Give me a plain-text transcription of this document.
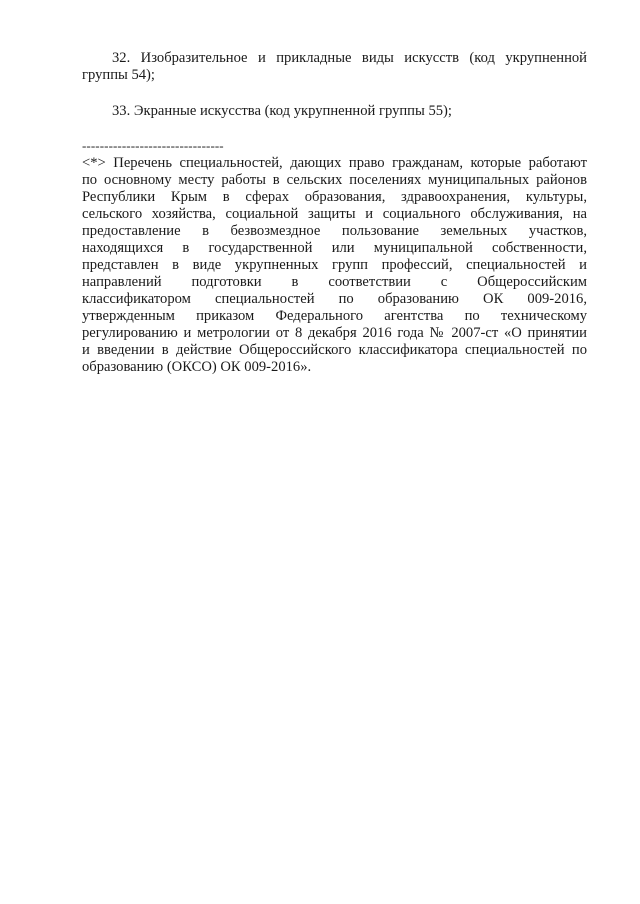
32. Изобразительное и прикладные виды искусств (код укрупненной группы 54);

33. Экранные искусства (код укрупненной группы 55);

--------------------------------

<*> Перечень специальностей, дающих право гражданам, которые работают
по основному месту работы в сельских поселениях муниципальных районов
Республики Крым в сферах образования, здравоохранения, культуры,
сельского хозяйства, социальной защиты и социального обслуживания, на
предоставление в безвозмездное пользование земельных участков,
находящихся в государственной или муниципальной собственности,
представлен в виде укрупненных групп профессий, специальностей и
направлений подготовки в соответствии с Общероссийским
классификатором специальностей по образованию ОК 009-2016,
утвержденным приказом Федерального агентства по техническому
регулированию и метрологии от 8 декабря 2016 года № 2007-ст «О принятии
и введении в действие Общероссийского классификатора специальностей по
образованию (ОКСО) ОК 009-2016».
